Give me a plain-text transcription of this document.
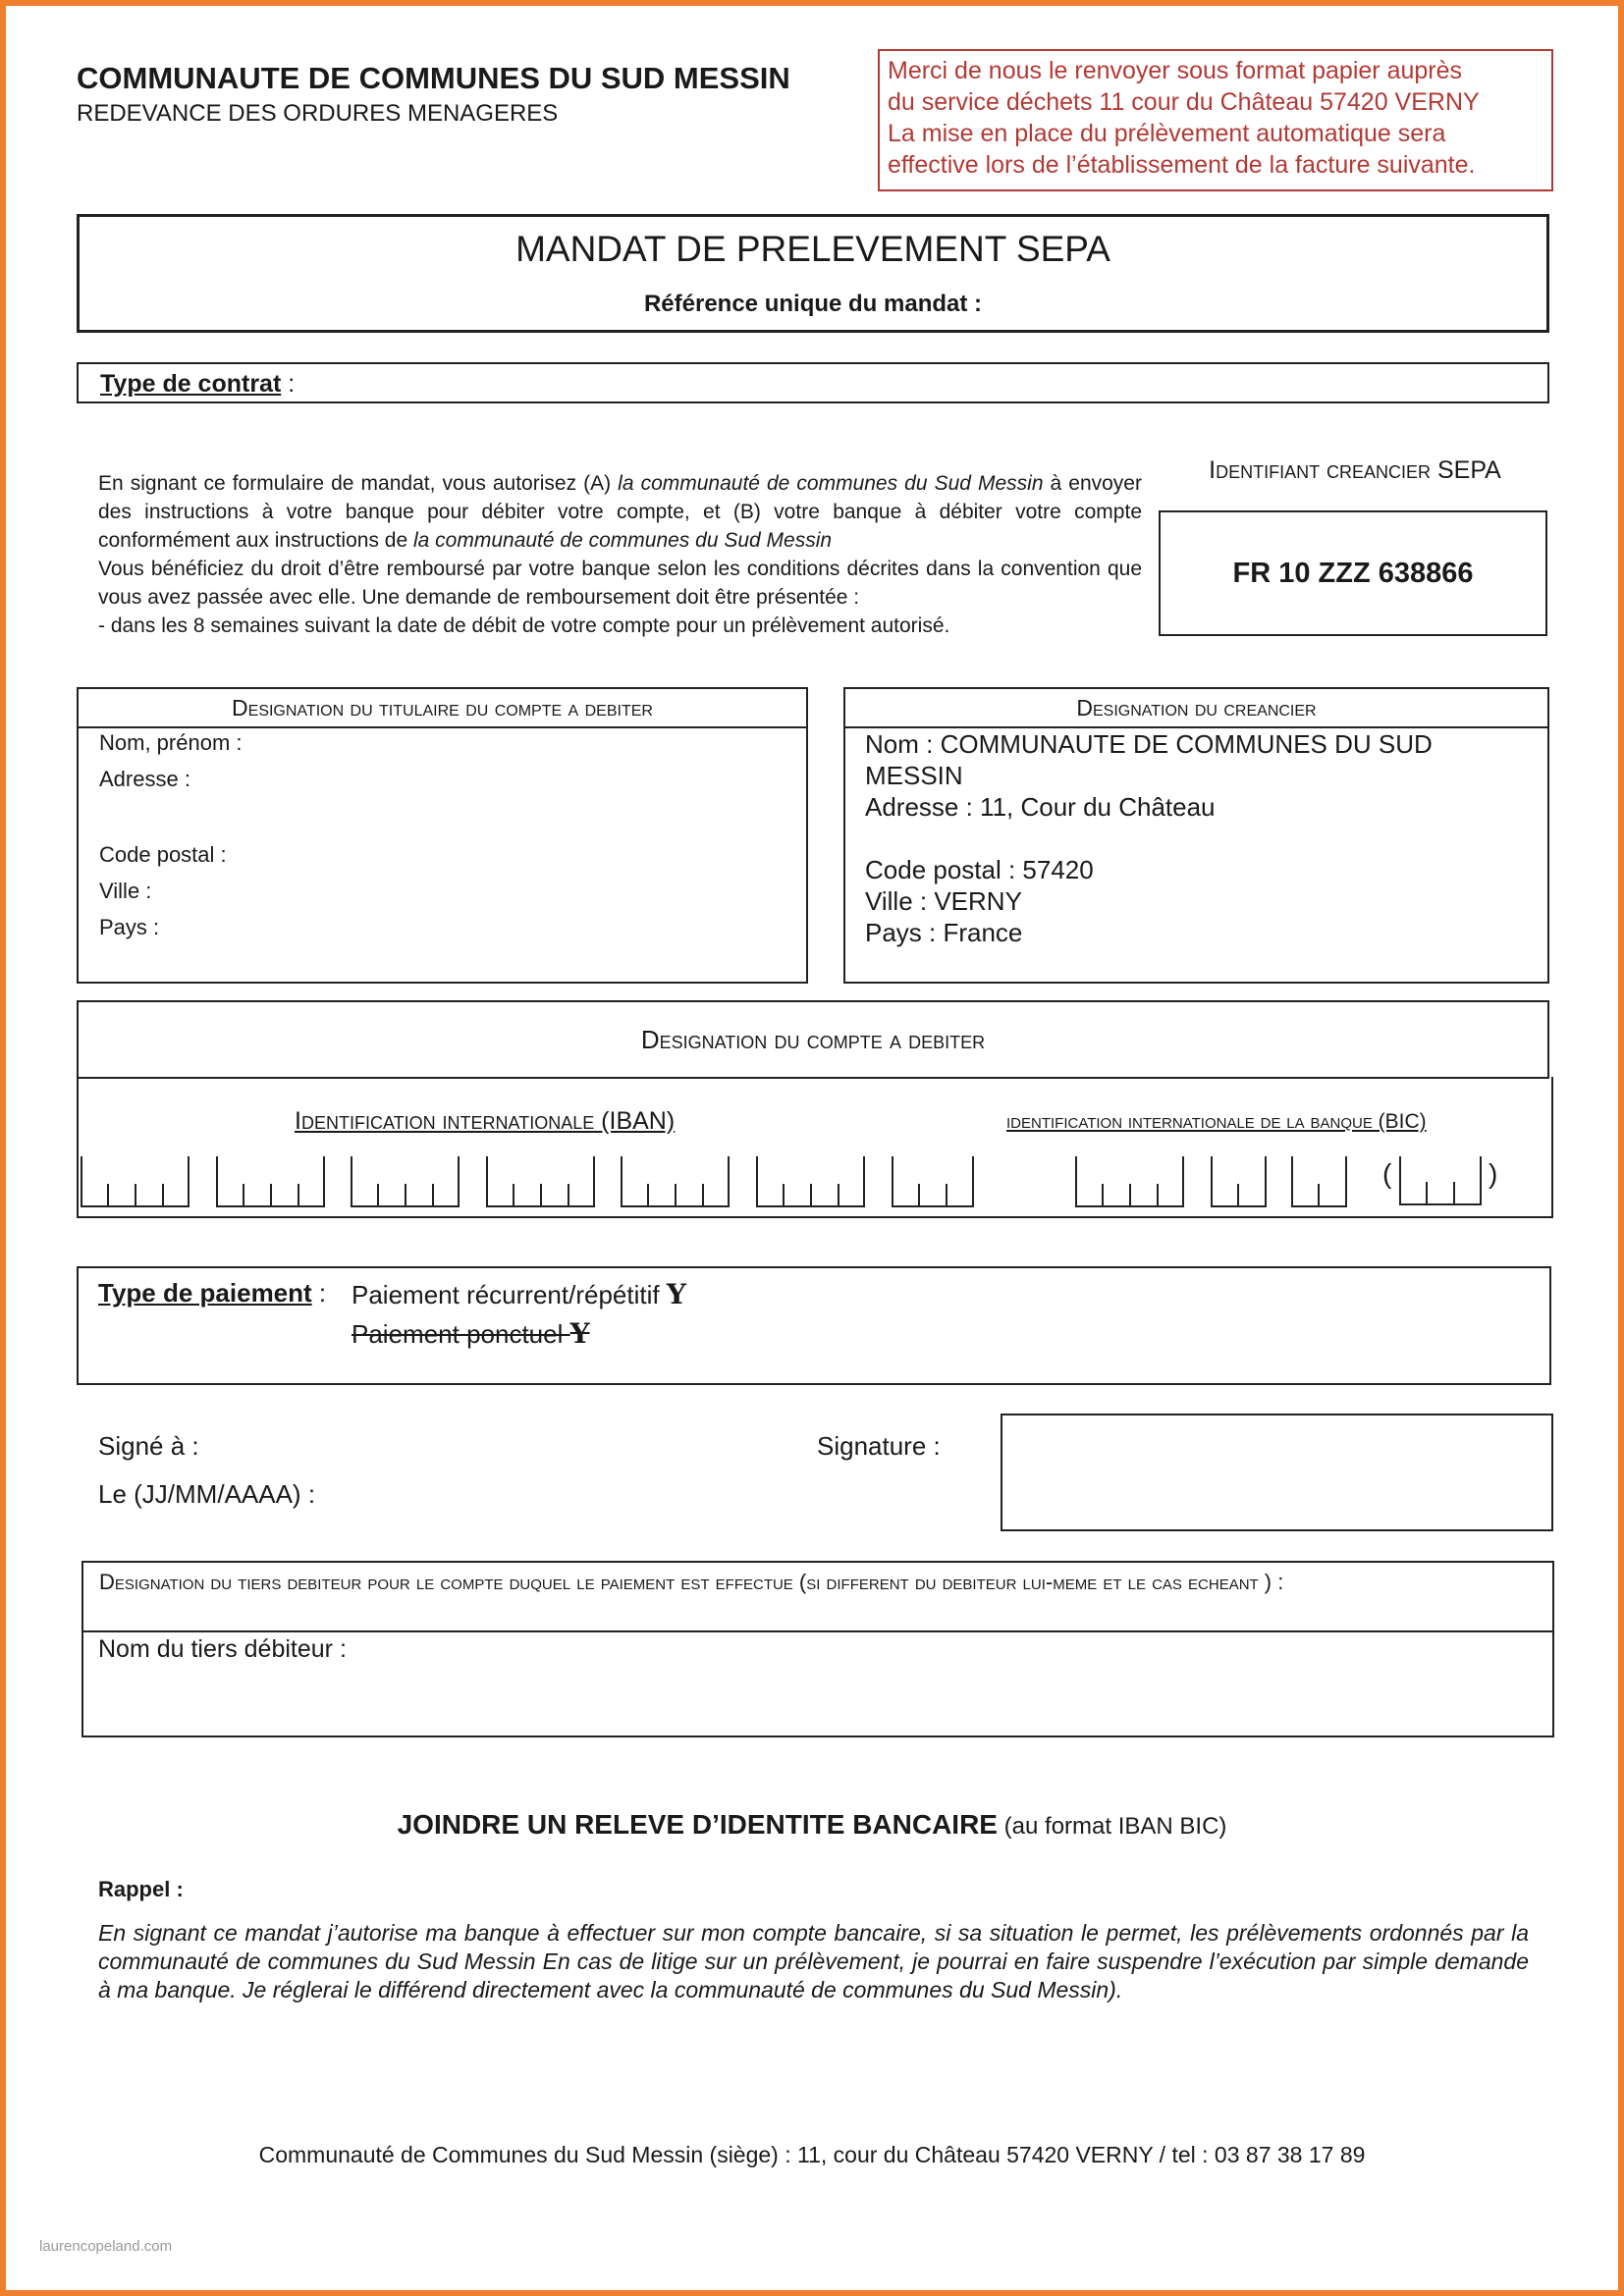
COMMUNAUTE DE COMMUNES DU SUD MESSIN
REDEVANCE DES ORDURES MENAGERES
Merci de nous le renvoyer sous format papier auprès
du service déchets 11 cour du Château 57420 VERNY
La mise en place du prélèvement automatique sera
effective lors de l’établissement de la facture suivante.
MANDAT DE PRELEVEMENT SEPA
Référence unique du mandat :
Type de contrat :
En signant ce formulaire de mandat, vous autorisez (A) la communauté de communes du Sud Messin à envoyer des instructions à votre banque pour débiter votre compte, et (B) votre banque à débiter votre compte conformément aux instructions de la communauté de communes du Sud Messin
Vous bénéficiez du droit d’être remboursé par votre banque selon les conditions décrites dans la convention que vous avez passée avec elle. Une demande de remboursement doit être présentée :
- dans les 8 semaines suivant la date de débit de votre compte pour un prélèvement autorisé.
Identifiant creancier SEPA
FR 10 ZZZ 638866
Designation du titulaire du compte a debiter
Nom, prénom :
Adresse :
Code postal :
Ville :
Pays :
Designation du creancier
Nom : COMMUNAUTE DE COMMUNES DU SUD
MESSIN
Adresse : 11, Cour du Château
Code postal : 57420
Ville : VERNY
Pays : France
Designation du compte a debiter
Identification internationale (IBAN)	identification internationale de la banque (BIC)
(	)
Type de paiement : Paiement récurrent/répétitif Y
Paiement ponctuel Y
Signé à :
Le (JJ/MM/AAAA) :
Signature :
Designation du tiers debiteur pour le compte duquel le paiement est effectue (si different du debiteur lui-meme et le cas echeant ) :
Nom du tiers débiteur :
JOINDRE UN RELEVE D’IDENTITE BANCAIRE (au format IBAN BIC)
Rappel :
En signant ce mandat j’autorise ma banque à effectuer sur mon compte bancaire, si sa situation le permet, les prélèvements ordonnés par la communauté de communes du Sud Messin En cas de litige sur un prélèvement, je pourrai en faire suspendre l’exécution par simple demande à ma banque. Je réglerai le différend directement avec la communauté de communes du Sud Messin).
Communauté de Communes du Sud Messin (siège) : 11, cour du Château 57420 VERNY / tel : 03 87 38 17 89
laurencopeland.com
